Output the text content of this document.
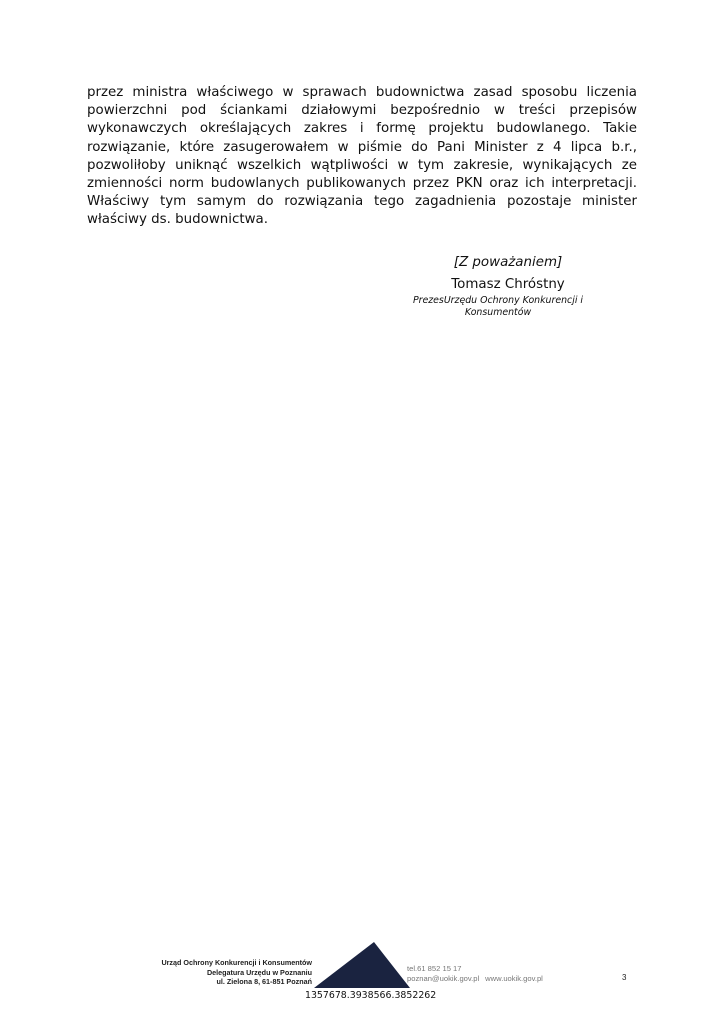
przez ministra właściwego w sprawach budownictwa zasad sposobu liczenia powierzchni pod ściankami działowymi bezpośrednio w treści przepisów wykonawczych określających zakres i formę projektu budowlanego. Takie rozwiązanie, które zasugerowałem w piśmie do Pani Minister z 4 lipca b.r., pozwoliłoby uniknąć wszelkich wątpliwości w tym zakresie, wynikających ze zmienności norm budowlanych publikowanych przez PKN oraz ich interpretacji. Właściwy tym samym do rozwiązania tego zagadnienia pozostaje minister właściwy ds. budownictwa.

[Z poważaniem]
Tomasz Chróstny
PrezesUrzędu Ochrony Konkurencji i Konsumentów
Urząd Ochrony Konkurencji i Konsumentów
Delegatura Urzędu w Poznaniu
ul. Zielona 8, 61-851 Poznań
tel.61 852 15 17
poznan@uokik.gov.pl www.uokik.gov.pl	3
1357678.3938566.3852262
